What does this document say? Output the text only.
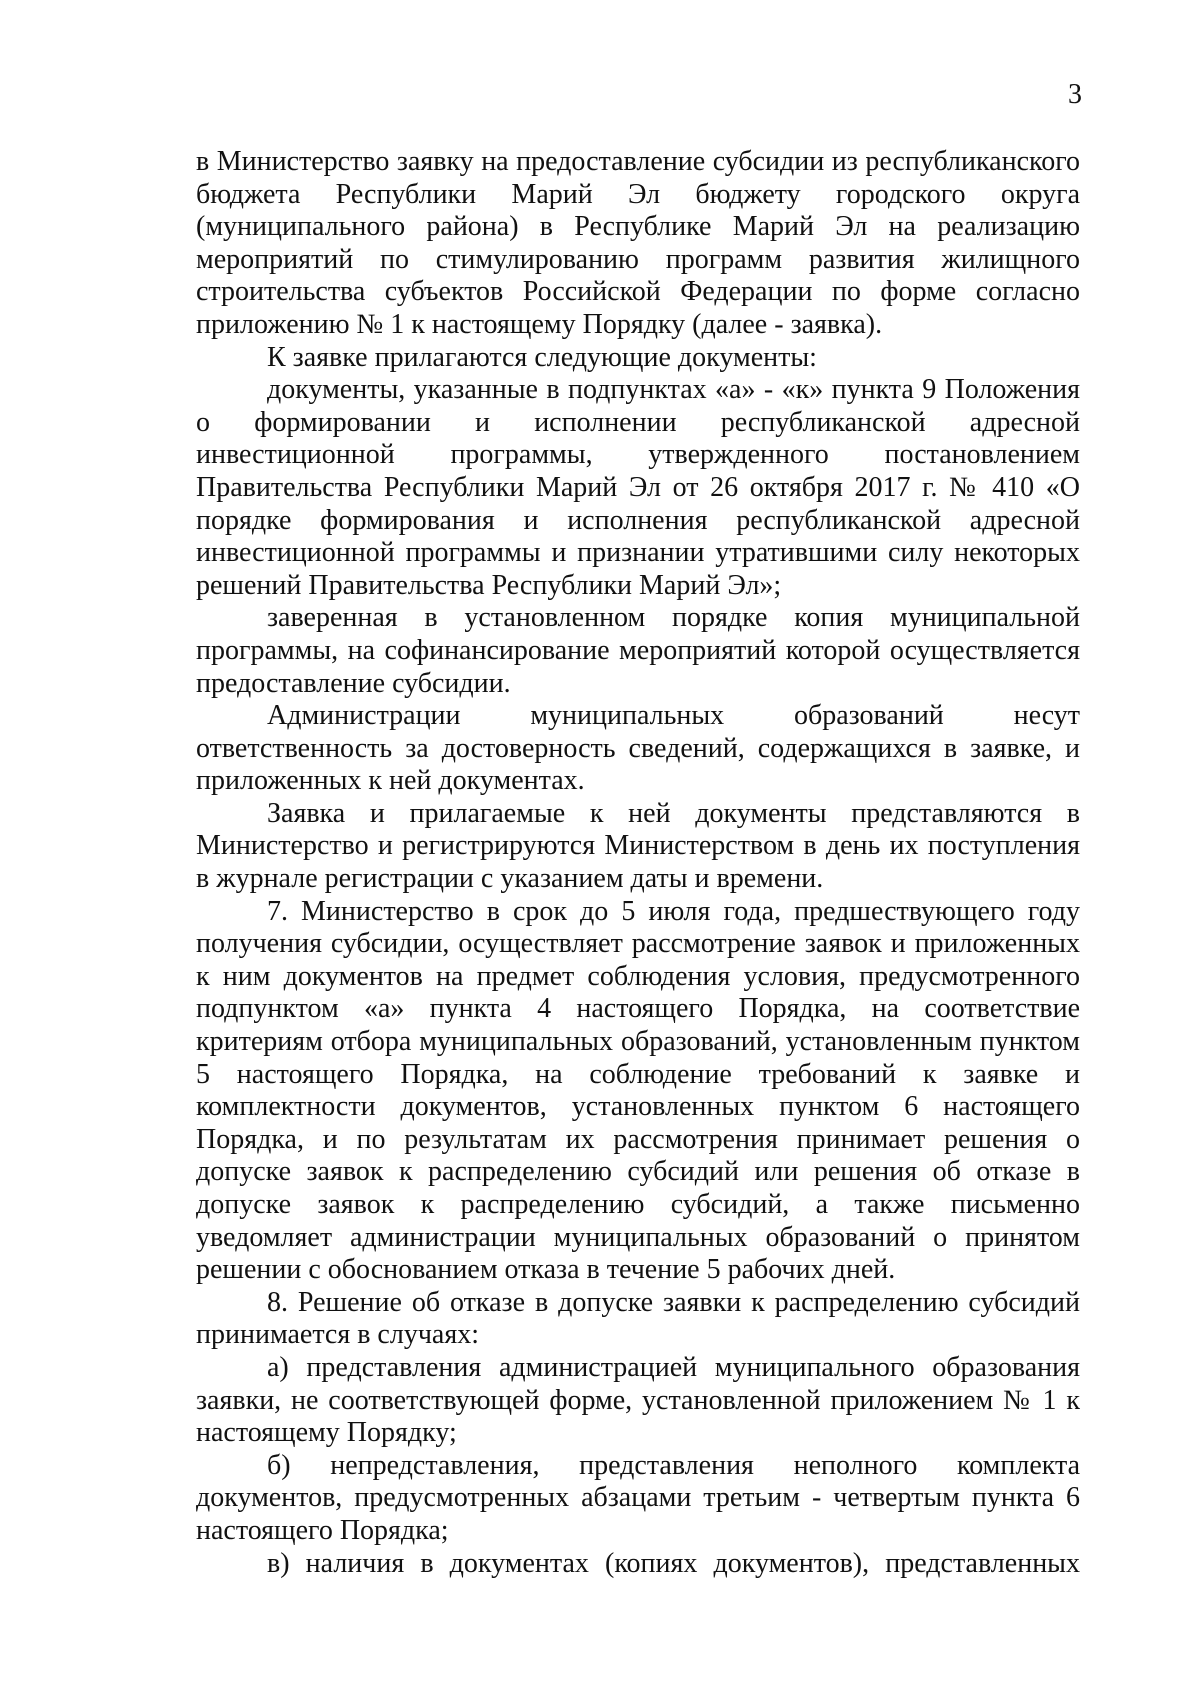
3

в Министерство заявку на предоставление субсидии из республиканского бюджета Республики Марий Эл бюджету городского округа (муниципального района) в Республике Марий Эл на реализацию мероприятий по стимулированию программ развития жилищного строительства субъектов Российской Федерации по форме согласно приложению № 1 к настоящему Порядку (далее - заявка).

К заявке прилагаются следующие документы:

документы, указанные в подпунктах «а» - «к» пункта 9 Положения о формировании и исполнении республиканской адресной инвестиционной программы, утвержденного постановлением Правительства Республики Марий Эл от 26 октября 2017 г. № 410 «О порядке формирования и исполнения республиканской адресной инвестиционной программы и признании утратившими силу некоторых решений Правительства Республики Марий Эл»;

заверенная в установленном порядке копия муниципальной программы, на софинансирование мероприятий которой осуществляется предоставление субсидии.

Администрации муниципальных образований несут ответственность за достоверность сведений, содержащихся в заявке, и приложенных к ней документах.

Заявка и прилагаемые к ней документы представляются в Министерство и регистрируются Министерством в день их поступления в журнале регистрации с указанием даты и времени.

7. Министерство в срок до 5 июля года, предшествующего году получения субсидии, осуществляет рассмотрение заявок и приложенных к ним документов на предмет соблюдения условия, предусмотренного подпунктом «а» пункта 4 настоящего Порядка, на соответствие критериям отбора муниципальных образований, установленным пунктом 5 настоящего Порядка, на соблюдение требований к заявке и комплектности документов, установленных пунктом 6 настоящего Порядка, и по результатам их рассмотрения принимает решения о допуске заявок к распределению субсидий или решения об отказе в допуске заявок к распределению субсидий, а также письменно уведомляет администрации муниципальных образований о принятом решении с обоснованием отказа в течение 5 рабочих дней.

8. Решение об отказе в допуске заявки к распределению субсидий принимается в случаях:

а) представления администрацией муниципального образования заявки, не соответствующей форме, установленной приложением № 1 к настоящему Порядку;

б) непредставления, представления неполного комплекта документов, предусмотренных абзацами третьим - четвертым пункта 6 настоящего Порядка;

в) наличия в документах (копиях документов), представленных
